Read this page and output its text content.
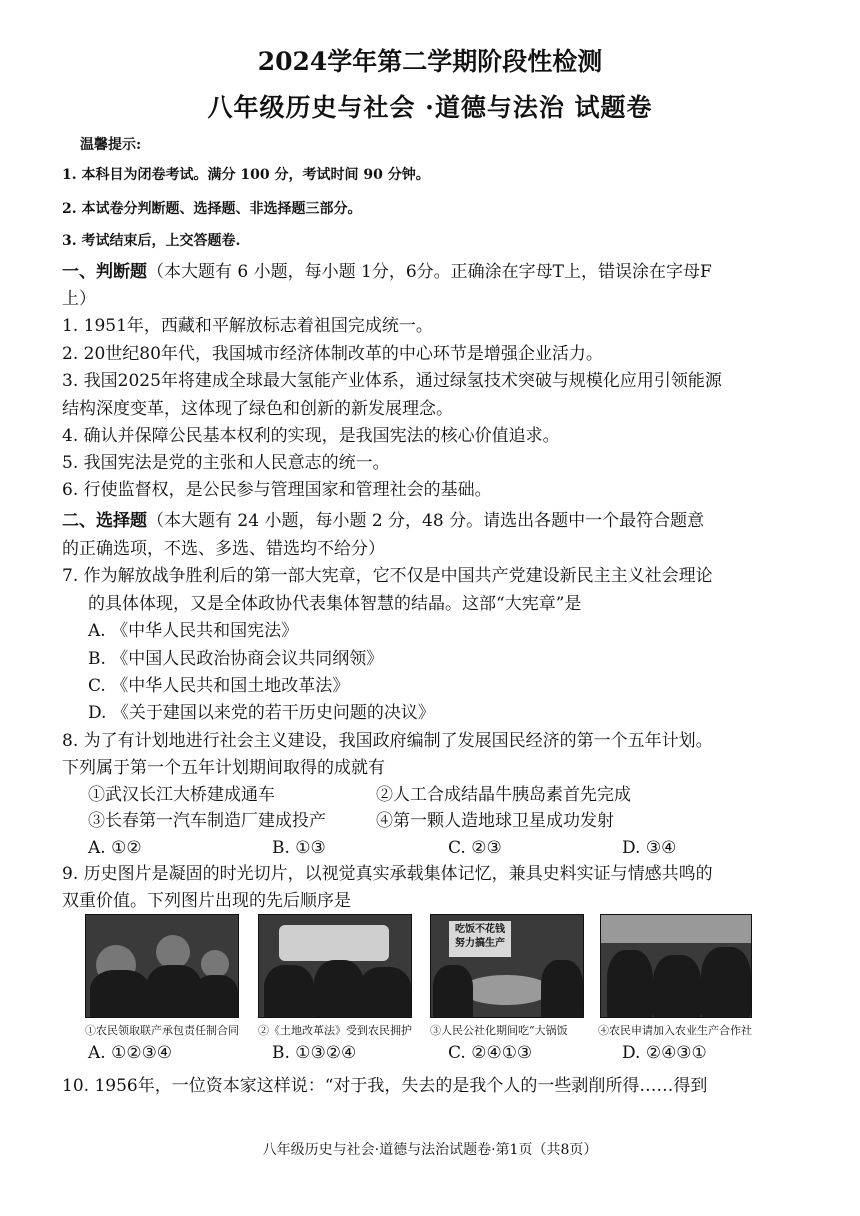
2024学年第二学期阶段性检测
八年级历史与社会 ·道德与法治 试题卷
温馨提示:
1. 本科目为闭卷考试。满分 100 分，考试时间 90 分钟。
2. 本试卷分判断题、选择题、非选择题三部分。
3. 考试结束后，上交答题卷.
一、判断题（本大题有 6 小题，每小题 1分，6分。正确涂在字母T上，错误涂在字母F
上）
1. 1951年，西藏和平解放标志着祖国完成统一。
2. 20世纪80年代，我国城市经济体制改革的中心环节是增强企业活力。
3. 我国2025年将建成全球最大氢能产业体系，通过绿氢技术突破与规模化应用引领能源
结构深度变革，这体现了绿色和创新的新发展理念。
4. 确认并保障公民基本权利的实现，是我国宪法的核心价值追求。
5. 我国宪法是党的主张和人民意志的统一。
6. 行使监督权，是公民参与管理国家和管理社会的基础。
二、选择题（本大题有 24 小题，每小题 2 分，48 分。请选出各题中一个最符合题意
的正确选项，不选、多选、错选均不给分）
7. 作为解放战争胜利后的第一部大宪章，它不仅是中国共产党建设新民主主义社会理论
的具体体现，又是全体政协代表集体智慧的结晶。这部“大宪章”是
A. 《中华人民共和国宪法》
B. 《中国人民政治协商会议共同纲领》
C. 《中华人民共和国土地改革法》
D. 《关于建国以来党的若干历史问题的决议》
8. 为了有计划地进行社会主义建设，我国政府编制了发展国民经济的第一个五年计划。
下列属于第一个五年计划期间取得的成就有
①武汉长江大桥建成通车	②人工合成结晶牛胰岛素首先完成
③长春第一汽车制造厂建成投产	④第一颗人造地球卫星成功发射
A. ①②	B. ①③	C. ②③	D. ③④
9. 历史图片是凝固的时光切片，以视觉真实承载集体记忆，兼具史料实证与情感共鸣的
双重价值。下列图片出现的先后顺序是
吃饭不花钱 努力搞生产
①农民领取联产承包责任制合同 ②《土地改革法》受到农民拥护 ③人民公社化期间吃“大锅饭	④农民申请加入农业生产合作社
A. ①②③④	B. ①③②④	C. ②④①③	D. ②④③①
10. 1956年，一位资本家这样说：“对于我，失去的是我个人的一些剥削所得……得到
八年级历史与社会·道德与法治试题卷·第1页（共8页）
